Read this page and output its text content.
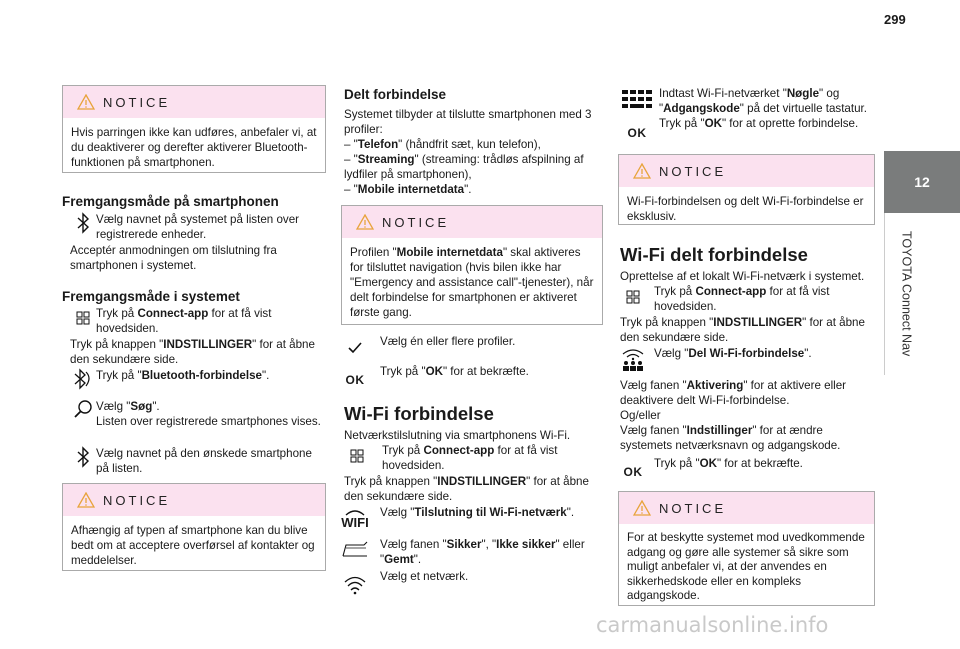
299
12
TOYOTA Connect Nav
NOTICE
Hvis parringen ikke kan udføres, anbefaler vi, at du deaktiverer og derefter aktiverer Bluetooth-funktionen på smartphonen.
Fremgangsmåde på smartphonen
Vælg navnet på systemet på listen over registrerede enheder.
Acceptér anmodningen om tilslutning fra smartphonen i systemet.
Fremgangsmåde i systemet
Tryk på Connect-app for at få vist hovedsiden.
Tryk på knappen "INDSTILLINGER" for at åbne den sekundære side.
Tryk på "Bluetooth-forbindelse".
Vælg "Søg".
Listen over registrerede smartphones vises.
Vælg navnet på den ønskede smartphone på listen.
NOTICE
Afhængig af typen af smartphone kan du blive bedt om at acceptere overførsel af kontakter og meddelelser.
Delt forbindelse
Systemet tilbyder at tilslutte smartphonen med 3 profiler:
– "Telefon" (håndfrit sæt, kun telefon),
– "Streaming" (streaming: trådløs afspilning af lydfiler på smartphonen),
– "Mobile internetdata".
NOTICE
Profilen "Mobile internetdata" skal aktiveres for tilsluttet navigation (hvis bilen ikke har "Emergency and assistance call"-tjenester), når delt forbindelse for smartphonen er aktiveret første gang.
Vælg én eller flere profiler.
OK
Tryk på "OK" for at bekræfte.
Wi-Fi forbindelse
Netværkstilslutning via smartphonens Wi-Fi.
Tryk på Connect-app for at få vist hovedsiden.
Tryk på knappen "INDSTILLINGER" for at åbne den sekundære side.
WIFI
Vælg "Tilslutning til Wi-Fi-netværk".
Vælg fanen "Sikker", "Ikke sikker" eller "Gemt".
Vælg et netværk.
OK
Indtast Wi-Fi-netværket "Nøgle" og "Adgangskode" på det virtuelle tastatur.
Tryk på "OK" for at oprette forbindelse.
NOTICE
Wi-Fi-forbindelsen og delt Wi-Fi-forbindelse er eksklusiv.
Wi-Fi delt forbindelse
Oprettelse af et lokalt Wi-Fi-netværk i systemet.
Tryk på Connect-app for at få vist hovedsiden.
Tryk på knappen "INDSTILLINGER" for at åbne den sekundære side.
Vælg "Del Wi-Fi-forbindelse".
Vælg fanen "Aktivering" for at aktivere eller deaktivere delt Wi-Fi-forbindelse.
Og/eller
Vælg fanen "Indstillinger" for at ændre systemets netværksnavn og adgangskode.
OK
Tryk på "OK" for at bekræfte.
NOTICE
For at beskytte systemet mod uvedkommende adgang og gøre alle systemer så sikre som muligt anbefaler vi, at der anvendes en sikkerhedskode eller en kompleks adgangskode.
carmanualsonline.info
